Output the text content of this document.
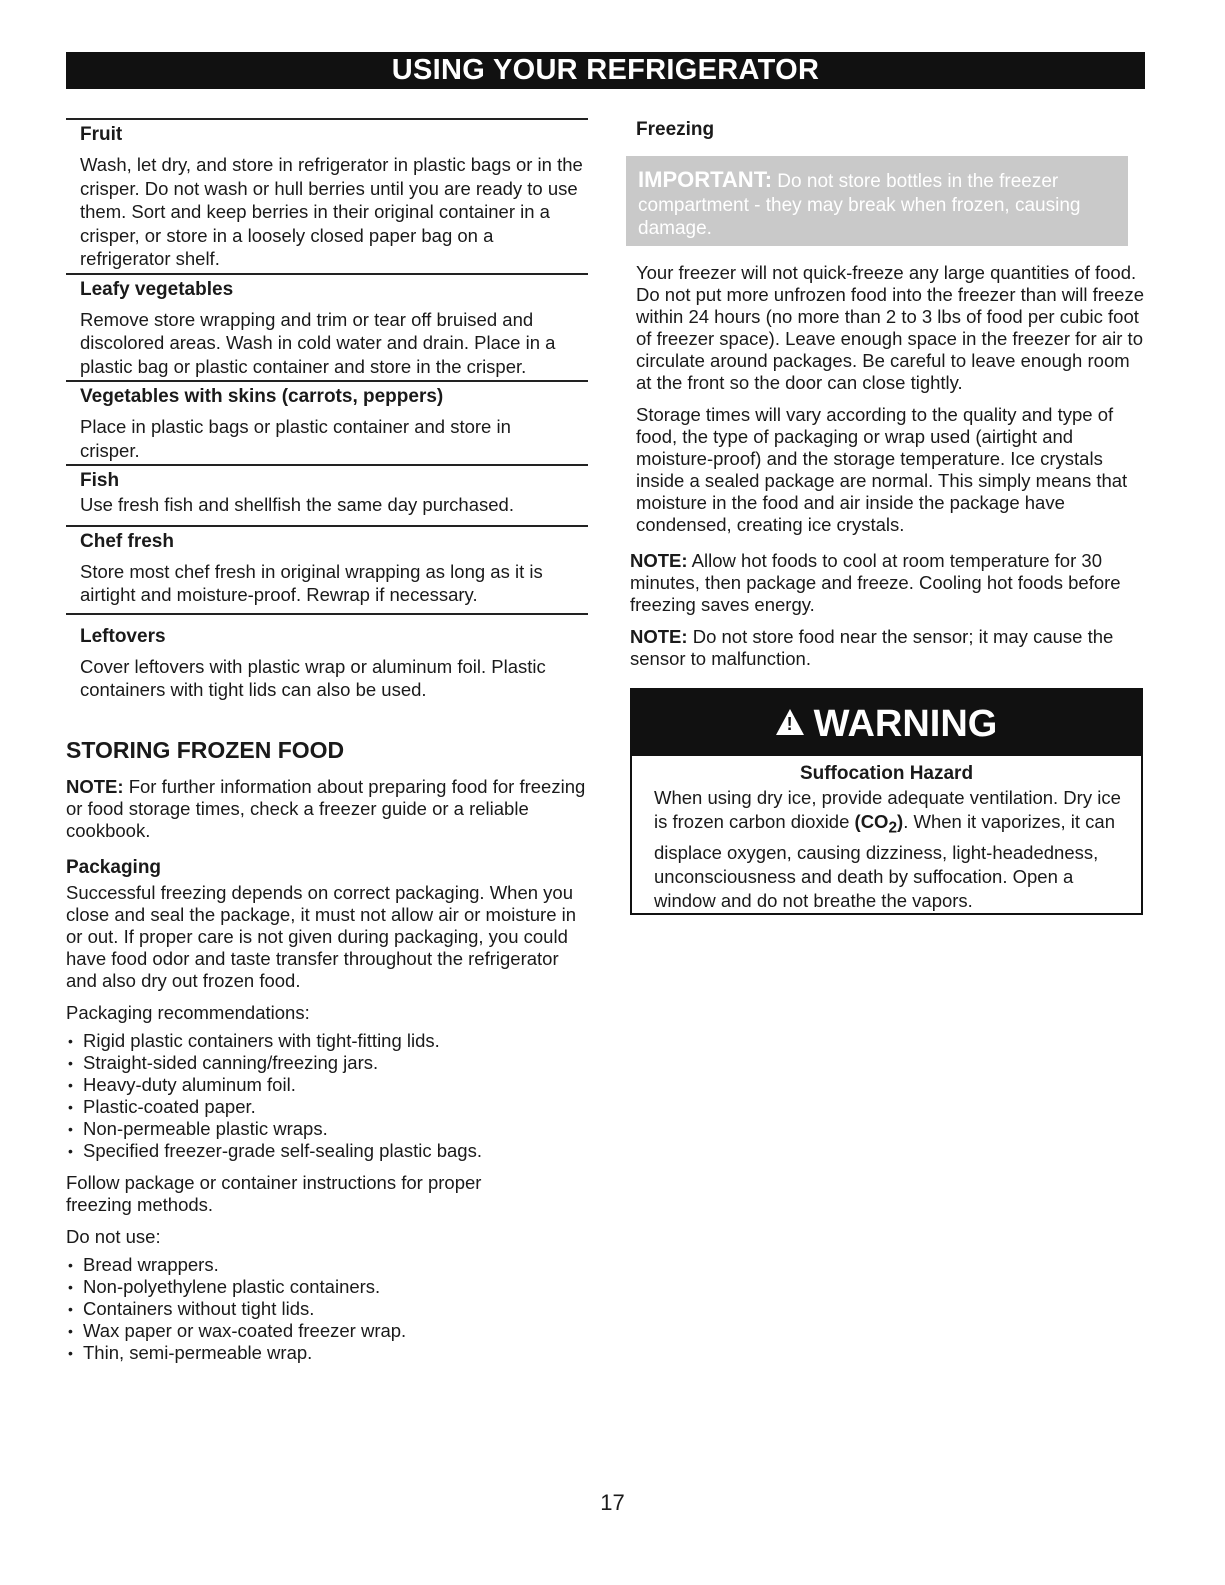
USING YOUR REFRIGERATOR
Fruit
Wash, let dry, and store in refrigerator in plastic bags or in the crisper. Do not wash or hull berries until you are ready to use them. Sort and keep berries in their original container in a crisper, or store in a loosely closed paper bag on a refrigerator shelf.
Leafy vegetables
Remove store wrapping and trim or tear off bruised and discolored areas. Wash in cold water and drain. Place in a plastic bag or plastic container and store in the crisper.
Vegetables with skins (carrots, peppers)
Place in plastic bags or plastic container and store in crisper.
Fish
Use fresh fish and shellfish the same day purchased.
Chef fresh
Store most chef fresh in original wrapping as long as it is airtight and moisture-proof. Rewrap if necessary.
Leftovers
Cover leftovers with plastic wrap or aluminum foil. Plastic containers with tight lids can also be used.
STORING FROZEN FOOD

NOTE: For further information about preparing food for freezing or food storage times, check a freezer guide or a reliable cookbook.

Packaging

Successful freezing depends on correct packaging. When you close and seal the package, it must not allow air or moisture in or out. If proper care is not given during packaging, you could have food odor and taste transfer throughout the refrigerator and also dry out frozen food.

Packaging recommendations:

• Rigid plastic containers with tight-fitting lids.
• Straight-sided canning/freezing jars.
• Heavy-duty aluminum foil.
• Plastic-coated paper.
• Non-permeable plastic wraps.
• Specified freezer-grade self-sealing plastic bags.

Follow package or container instructions for proper freezing methods.

Do not use:

• Bread wrappers.
• Non-polyethylene plastic containers.
• Containers without tight lids.
• Wax paper or wax-coated freezer wrap.
• Thin, semi-permeable wrap.
Freezing
IMPORTANT: Do not store bottles in the freezer compartment - they may break when frozen, causing damage.

Your freezer will not quick-freeze any large quantities of food. Do not put more unfrozen food into the freezer than will freeze within 24 hours (no more than 2 to 3 lbs of food per cubic foot of freezer space). Leave enough space in the freezer for air to circulate around packages. Be careful to leave enough room at the front so the door can close tightly.

Storage times will vary according to the quality and type of food, the type of packaging or wrap used (airtight and moisture-proof) and the storage temperature. Ice crystals inside a sealed package are normal. This simply means that moisture in the food and air inside the package have condensed, creating ice crystals.

NOTE: Allow hot foods to cool at room temperature for 30 minutes, then package and freeze. Cooling hot foods before freezing saves energy.

NOTE: Do not store food near the sensor; it may cause the sensor to malfunction.

! WARNING
Suffocation Hazard

When using dry ice, provide adequate ventilation. Dry ice is frozen carbon dioxide $(CO_2)$. When it vaporizes, it can displace oxygen, causing dizziness, light-headedness, unconsciousness and death by suffocation. Open a window and do not breathe the vapors.

17
